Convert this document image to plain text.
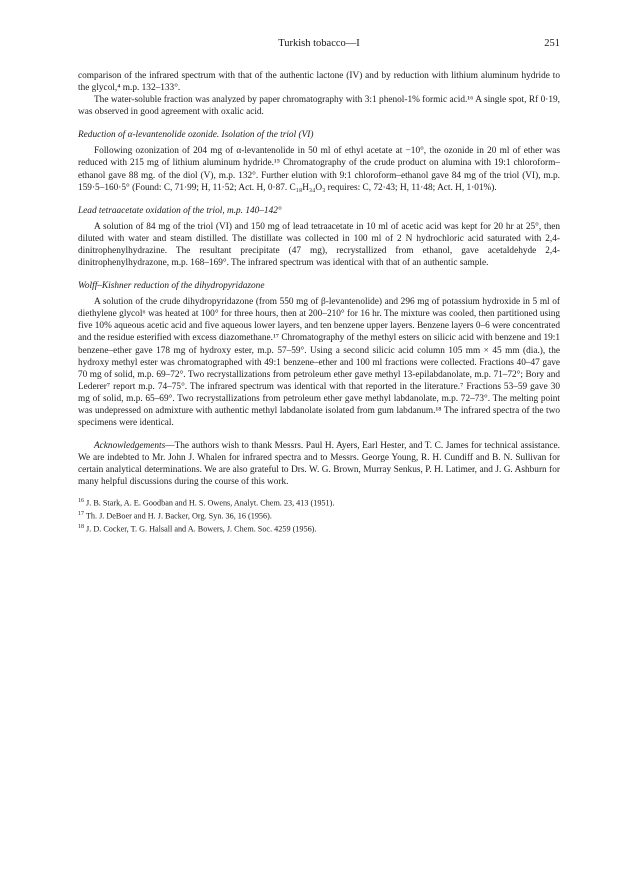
Turkish tobacco—I	251

comparison of the infrared spectrum with that of the authentic lactone (IV) and by reduction with lithium aluminum hydride to the glycol,⁴ m.p. 132–133°.

The water-soluble fraction was analyzed by paper chromatography with 3:1 phenol-1% formic acid.¹⁶ A single spot, Rf 0·19, was observed in good agreement with oxalic acid.

Reduction of α-levantenolide ozonide. Isolation of the triol (VI)

Following ozonization of 204 mg of α-levantenolide in 50 ml of ethyl acetate at −10°, the ozonide in 20 ml of ether was reduced with 215 mg of lithium aluminum hydride.¹⁵ Chromatography of the crude product on alumina with 19:1 chloroform–ethanol gave 88 mg. of the diol (V), m.p. 132°. Further elution with 9:1 chloroform–ethanol gave 84 mg of the triol (VI), m.p. 159·5–160·5° (Found: C, 71·99; H, 11·52; Act. H, 0·87. C₁₈H₃₄O₃ requires: C, 72·43; H, 11·48; Act. H, 1·01%).

Lead tetraacetate oxidation of the triol, m.p. 140–142°

A solution of 84 mg of the triol (VI) and 150 mg of lead tetraacetate in 10 ml of acetic acid was kept for 20 hr at 25°, then diluted with water and steam distilled. The distillate was collected in 100 ml of 2 N hydrochloric acid saturated with 2,4-dinitrophenylhydrazine. The resultant precipitate (47 mg), recrystallized from ethanol, gave acetaldehyde 2,4-dinitrophenylhydrazone, m.p. 168–169°. The infrared spectrum was identical with that of an authentic sample.

Wolff–Kishner reduction of the dihydropyridazone

A solution of the crude dihydropyridazone (from 550 mg of β-levantenolide) and 296 mg of potassium hydroxide in 5 ml of diethylene glycol⁶ was heated at 100° for three hours, then at 200–210° for 16 hr. The mixture was cooled, then partitioned using five 10% aqueous acetic acid and five aqueous lower layers, and ten benzene upper layers. Benzene layers 0–6 were concentrated and the residue esterified with excess diazomethane.¹⁷ Chromatography of the methyl esters on silicic acid with benzene and 19:1 benzene–ether gave 178 mg of hydroxy ester, m.p. 57–59°. Using a second silicic acid column 105 mm × 45 mm (dia.), the hydroxy methyl ester was chromatographed with 49:1 benzene–ether and 100 ml fractions were collected. Fractions 40–47 gave 70 mg of solid, m.p. 69–72°. Two recrystallizations from petroleum ether gave methyl 13-epilabdanolate, m.p. 71–72°; Bory and Lederer⁷ report m.p. 74–75°. The infrared spectrum was identical with that reported in the literature.⁷ Fractions 53–59 gave 30 mg of solid, m.p. 65–69°. Two recrystallizations from petroleum ether gave methyl labdanolate, m.p. 72–73°. The melting point was undepressed on admixture with authentic methyl labdanolate isolated from gum labdanum.¹⁸ The infrared spectra of the two specimens were identical.

Acknowledgements—The authors wish to thank Messrs. Paul H. Ayers, Earl Hester, and T. C. James for technical assistance. We are indebted to Mr. John J. Whalen for infrared spectra and to Messrs. George Young, R. H. Cundiff and B. N. Sullivan for certain analytical determinations. We are also grateful to Drs. W. G. Brown, Murray Senkus, P. H. Latimer, and J. G. Ashburn for many helpful discussions during the course of this work.

$^{16}$ J. B. Stark, A. E. Goodban and H. S. Owens, Analyt. Chem. 23, 413 (1951).
$^{17}$ Th. J. DeBoer and H. J. Backer, Org. Syn. 36, 16 (1956).
$^{18}$ J. D. Cocker, T. G. Halsall and A. Bowers, J. Chem. Soc. 4259 (1956).
